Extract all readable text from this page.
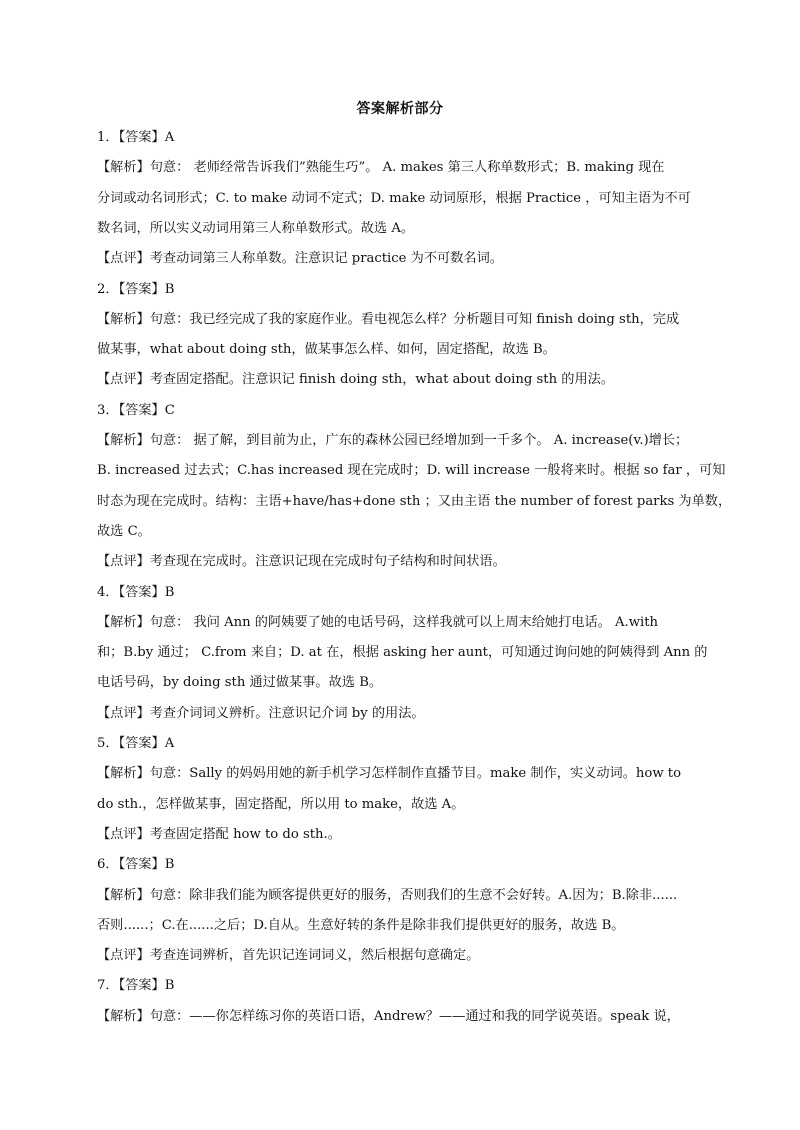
答案解析部分
1．【答案】A
【解析】句意： 老师经常告诉我们”熟能生巧”。 A. makes 第三人称单数形式；B. making 现在
分词或动名词形式；C. to make 动词不定式；D. make 动词原形，根据 Practice ，可知主语为不可
数名词，所以实义动词用第三人称单数形式。故选 A。
【点评】考查动词第三人称单数。注意识记 practice 为不可数名词。
2．【答案】B
【解析】句意：我已经完成了我的家庭作业。看电视怎么样？分析题目可知 finish doing sth，完成
做某事，what about doing sth，做某事怎么样、如何，固定搭配，故选 B。
【点评】考查固定搭配。注意识记 finish doing sth，what about doing sth 的用法。
3．【答案】C
【解析】句意： 据了解，到目前为止，广东的森林公园已经增加到一千多个。 A. increase(v.)增长；
B. increased 过去式；C.has increased 现在完成时；D. will increase 一般将来时。根据 so far ，可知
时态为现在完成时。结构：主语+have/has+done sth ；又由主语 the number of forest parks 为单数，
故选 C。
【点评】考查现在完成时。注意识记现在完成时句子结构和时间状语。
4．【答案】B
【解析】句意： 我问 Ann 的阿姨要了她的电话号码，这样我就可以上周末给她打电话。 A.with
和；B.by 通过； C.from 来自；D. at 在，根据 asking her aunt，可知通过询问她的阿姨得到 Ann 的
电话号码，by doing sth 通过做某事。故选 B。
【点评】考查介词词义辨析。注意识记介词 by 的用法。
5．【答案】A
【解析】句意：Sally 的妈妈用她的新手机学习怎样制作直播节目。make 制作，实义动词。how to
do sth.，怎样做某事，固定搭配，所以用 to make，故选 A。
【点评】考查固定搭配 how to do sth.。
6．【答案】B
【解析】句意：除非我们能为顾客提供更好的服务，否则我们的生意不会好转。A.因为；B.除非......
否则......；C.在......之后；D.自从。生意好转的条件是除非我们提供更好的服务，故选 B。
【点评】考查连词辨析，首先识记连词词义，然后根据句意确定。
7．【答案】B
【解析】句意：——你怎样练习你的英语口语，Andrew？——通过和我的同学说英语。speak 说，
